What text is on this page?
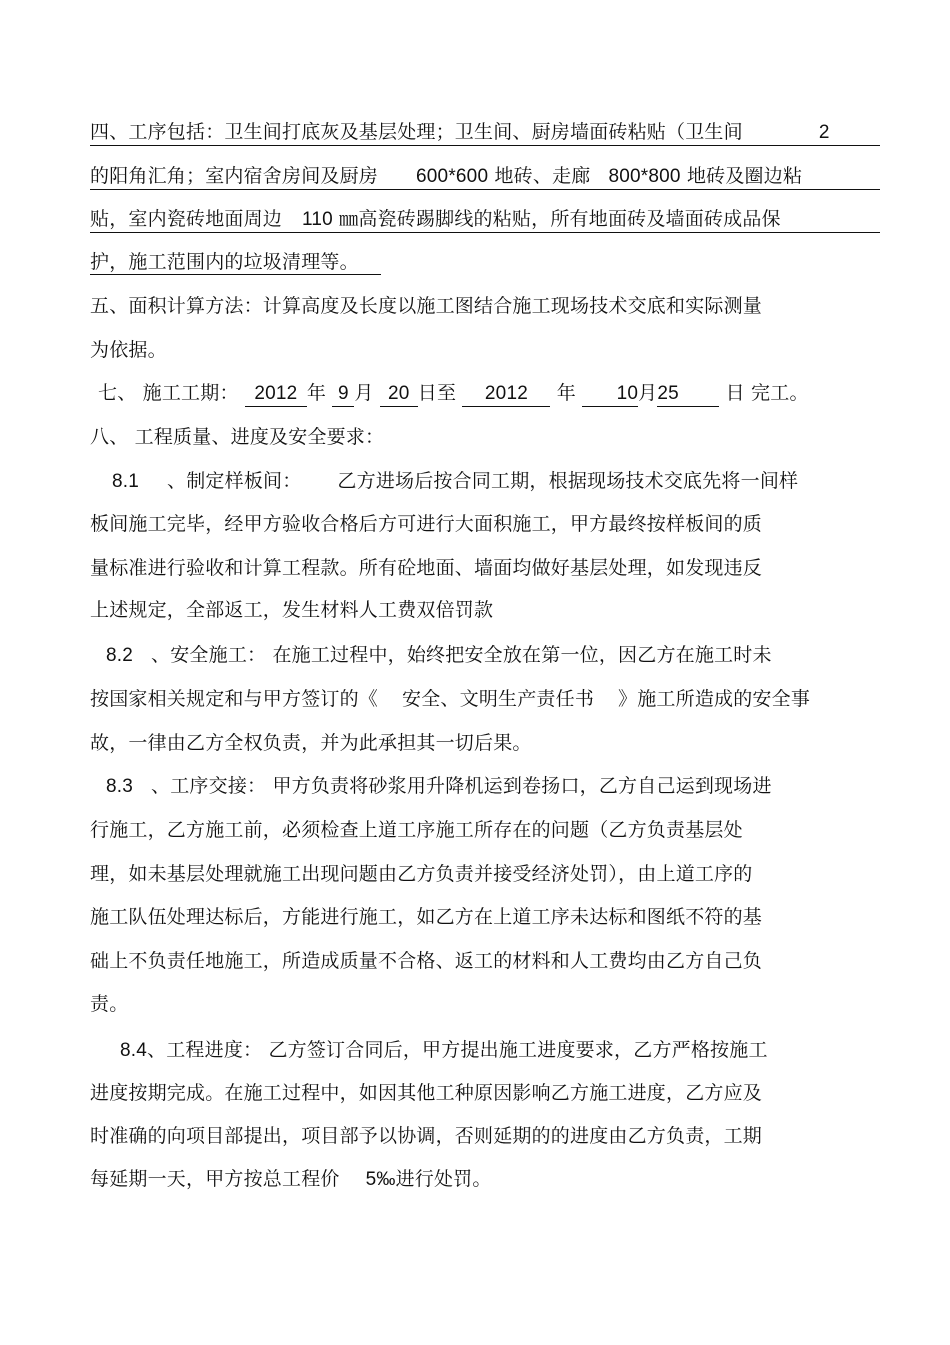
四、工序包括：卫生间打底灰及基层处理；卫生间、厨房墙面砖粘贴（卫生间	2
的阳角汇角；室内宿舍房间及厨房 600*600 地砖、走廊 800*800 地砖及圈边粘
贴，室内瓷砖地面周边 110 ㎜高瓷砖踢脚线的粘贴，所有地面砖及墙面砖成品保
护，施工范围内的垃圾清理等。
五、面积计算方法：计算高度及长度以施工图结合施工现场技术交底和实际测量
为依据。
七、 施工工期： 2012 年 9 月 20 日至 2012 年 10月25 日 完工。
八、 工程质量、进度及安全要求：
8.1 、制定样板间： 乙方进场后按合同工期，根据现场技术交底先将一间样
板间施工完毕，经甲方验收合格后方可进行大面积施工，甲方最终按样板间的质
量标准进行验收和计算工程款。所有砼地面、墙面均做好基层处理，如发现违反
上述规定，全部返工，发生材料人工费双倍罚款
8.2 、安全施工： 在施工过程中，始终把安全放在第一位，因乙方在施工时未
按国家相关规定和与甲方签订的《 安全、文明生产责任书 》施工所造成的安全事
故，一律由乙方全权负责，并为此承担其一切后果。
8.3 、工序交接： 甲方负责将砂浆用升降机运到卷扬口，乙方自己运到现场进
行施工，乙方施工前，必须检查上道工序施工所存在的问题（乙方负责基层处
理，如未基层处理就施工出现问题由乙方负责并接受经济处罚），由上道工序的
施工队伍处理达标后，方能进行施工，如乙方在上道工序未达标和图纸不符的基
础上不负责任地施工，所造成质量不合格、返工的材料和人工费均由乙方自己负
责。
8.4、工程进度： 乙方签订合同后，甲方提出施工进度要求，乙方严格按施工
进度按期完成。在施工过程中，如因其他工种原因影响乙方施工进度，乙方应及
时准确的向项目部提出，项目部予以协调，否则延期的的进度由乙方负责，工期
每延期一天，甲方按总工程价 5‰进行处罚。
